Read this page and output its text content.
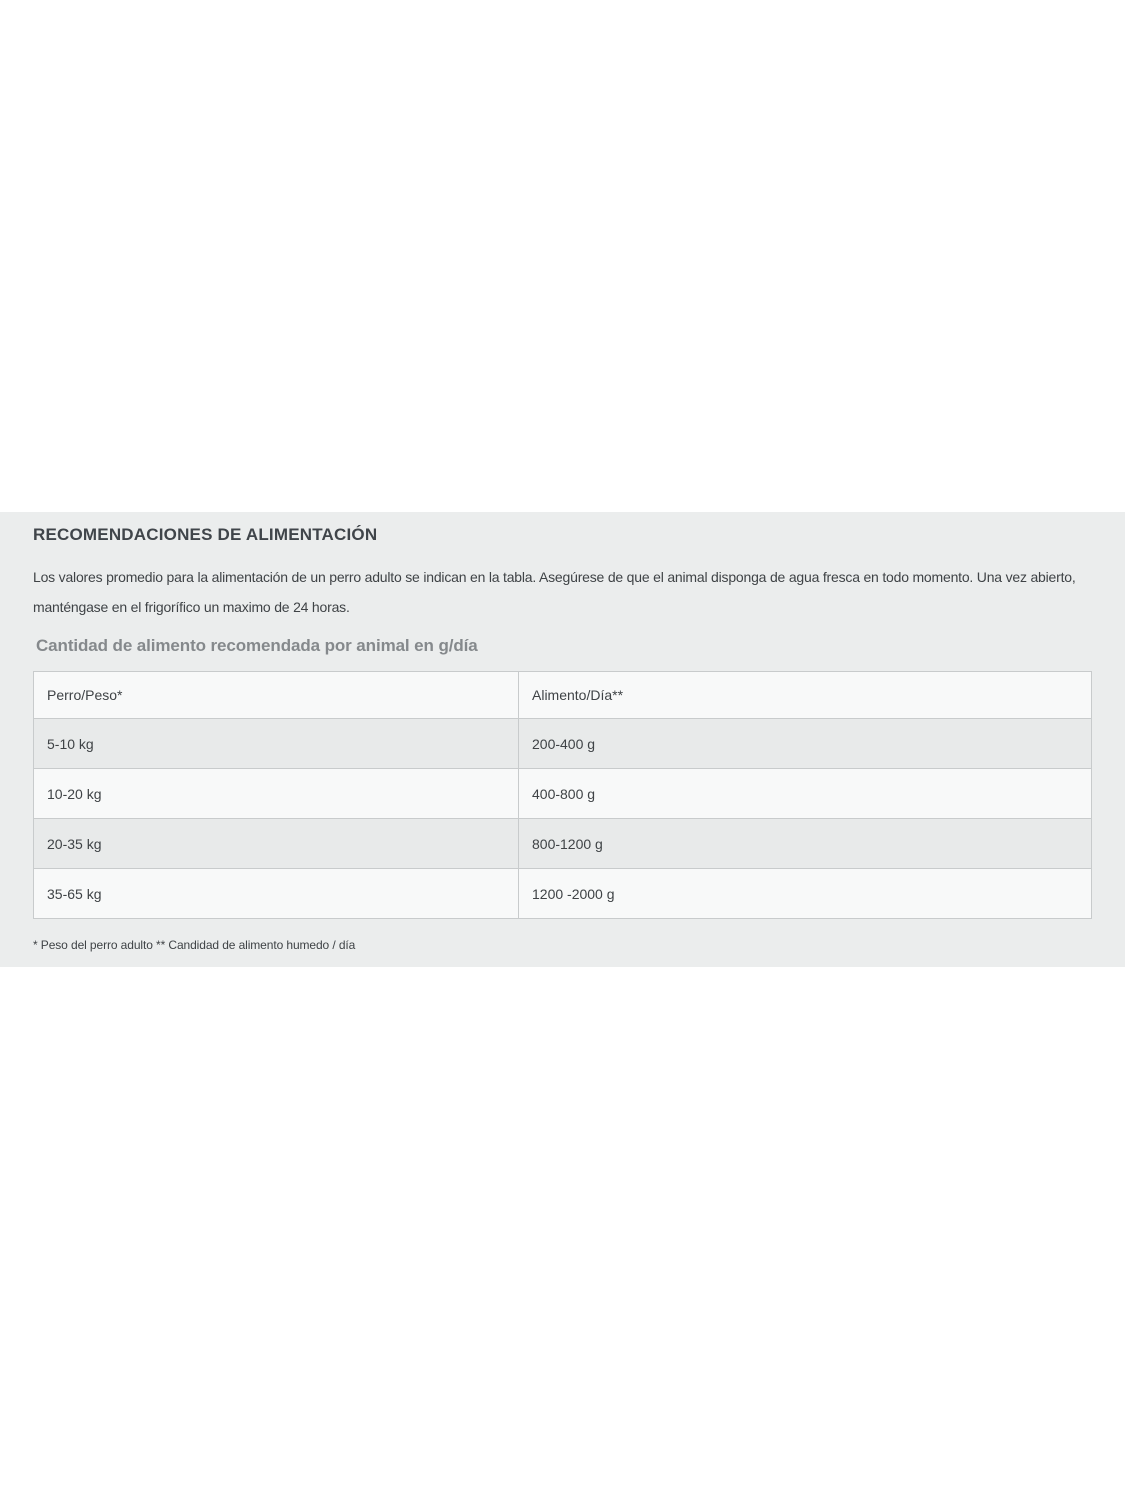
RECOMENDACIONES DE ALIMENTACIÓN

Los valores promedio para la alimentación de un perro adulto se indican en la tabla. Asegúrese de que el animal disponga de agua fresca en todo momento. Una vez abierto, manténgase en el frigorífico un maximo de 24 horas.

Cantidad de alimento recomendada por animal en g/día
Perro/Peso*	Alimento/Día**
5-10 kg	200-400 g
10-20 kg	400-800 g
20-35 kg	800-1200 g
35-65 kg	1200 -2000 g

* Peso del perro adulto ** Candidad de alimento humedo / día
